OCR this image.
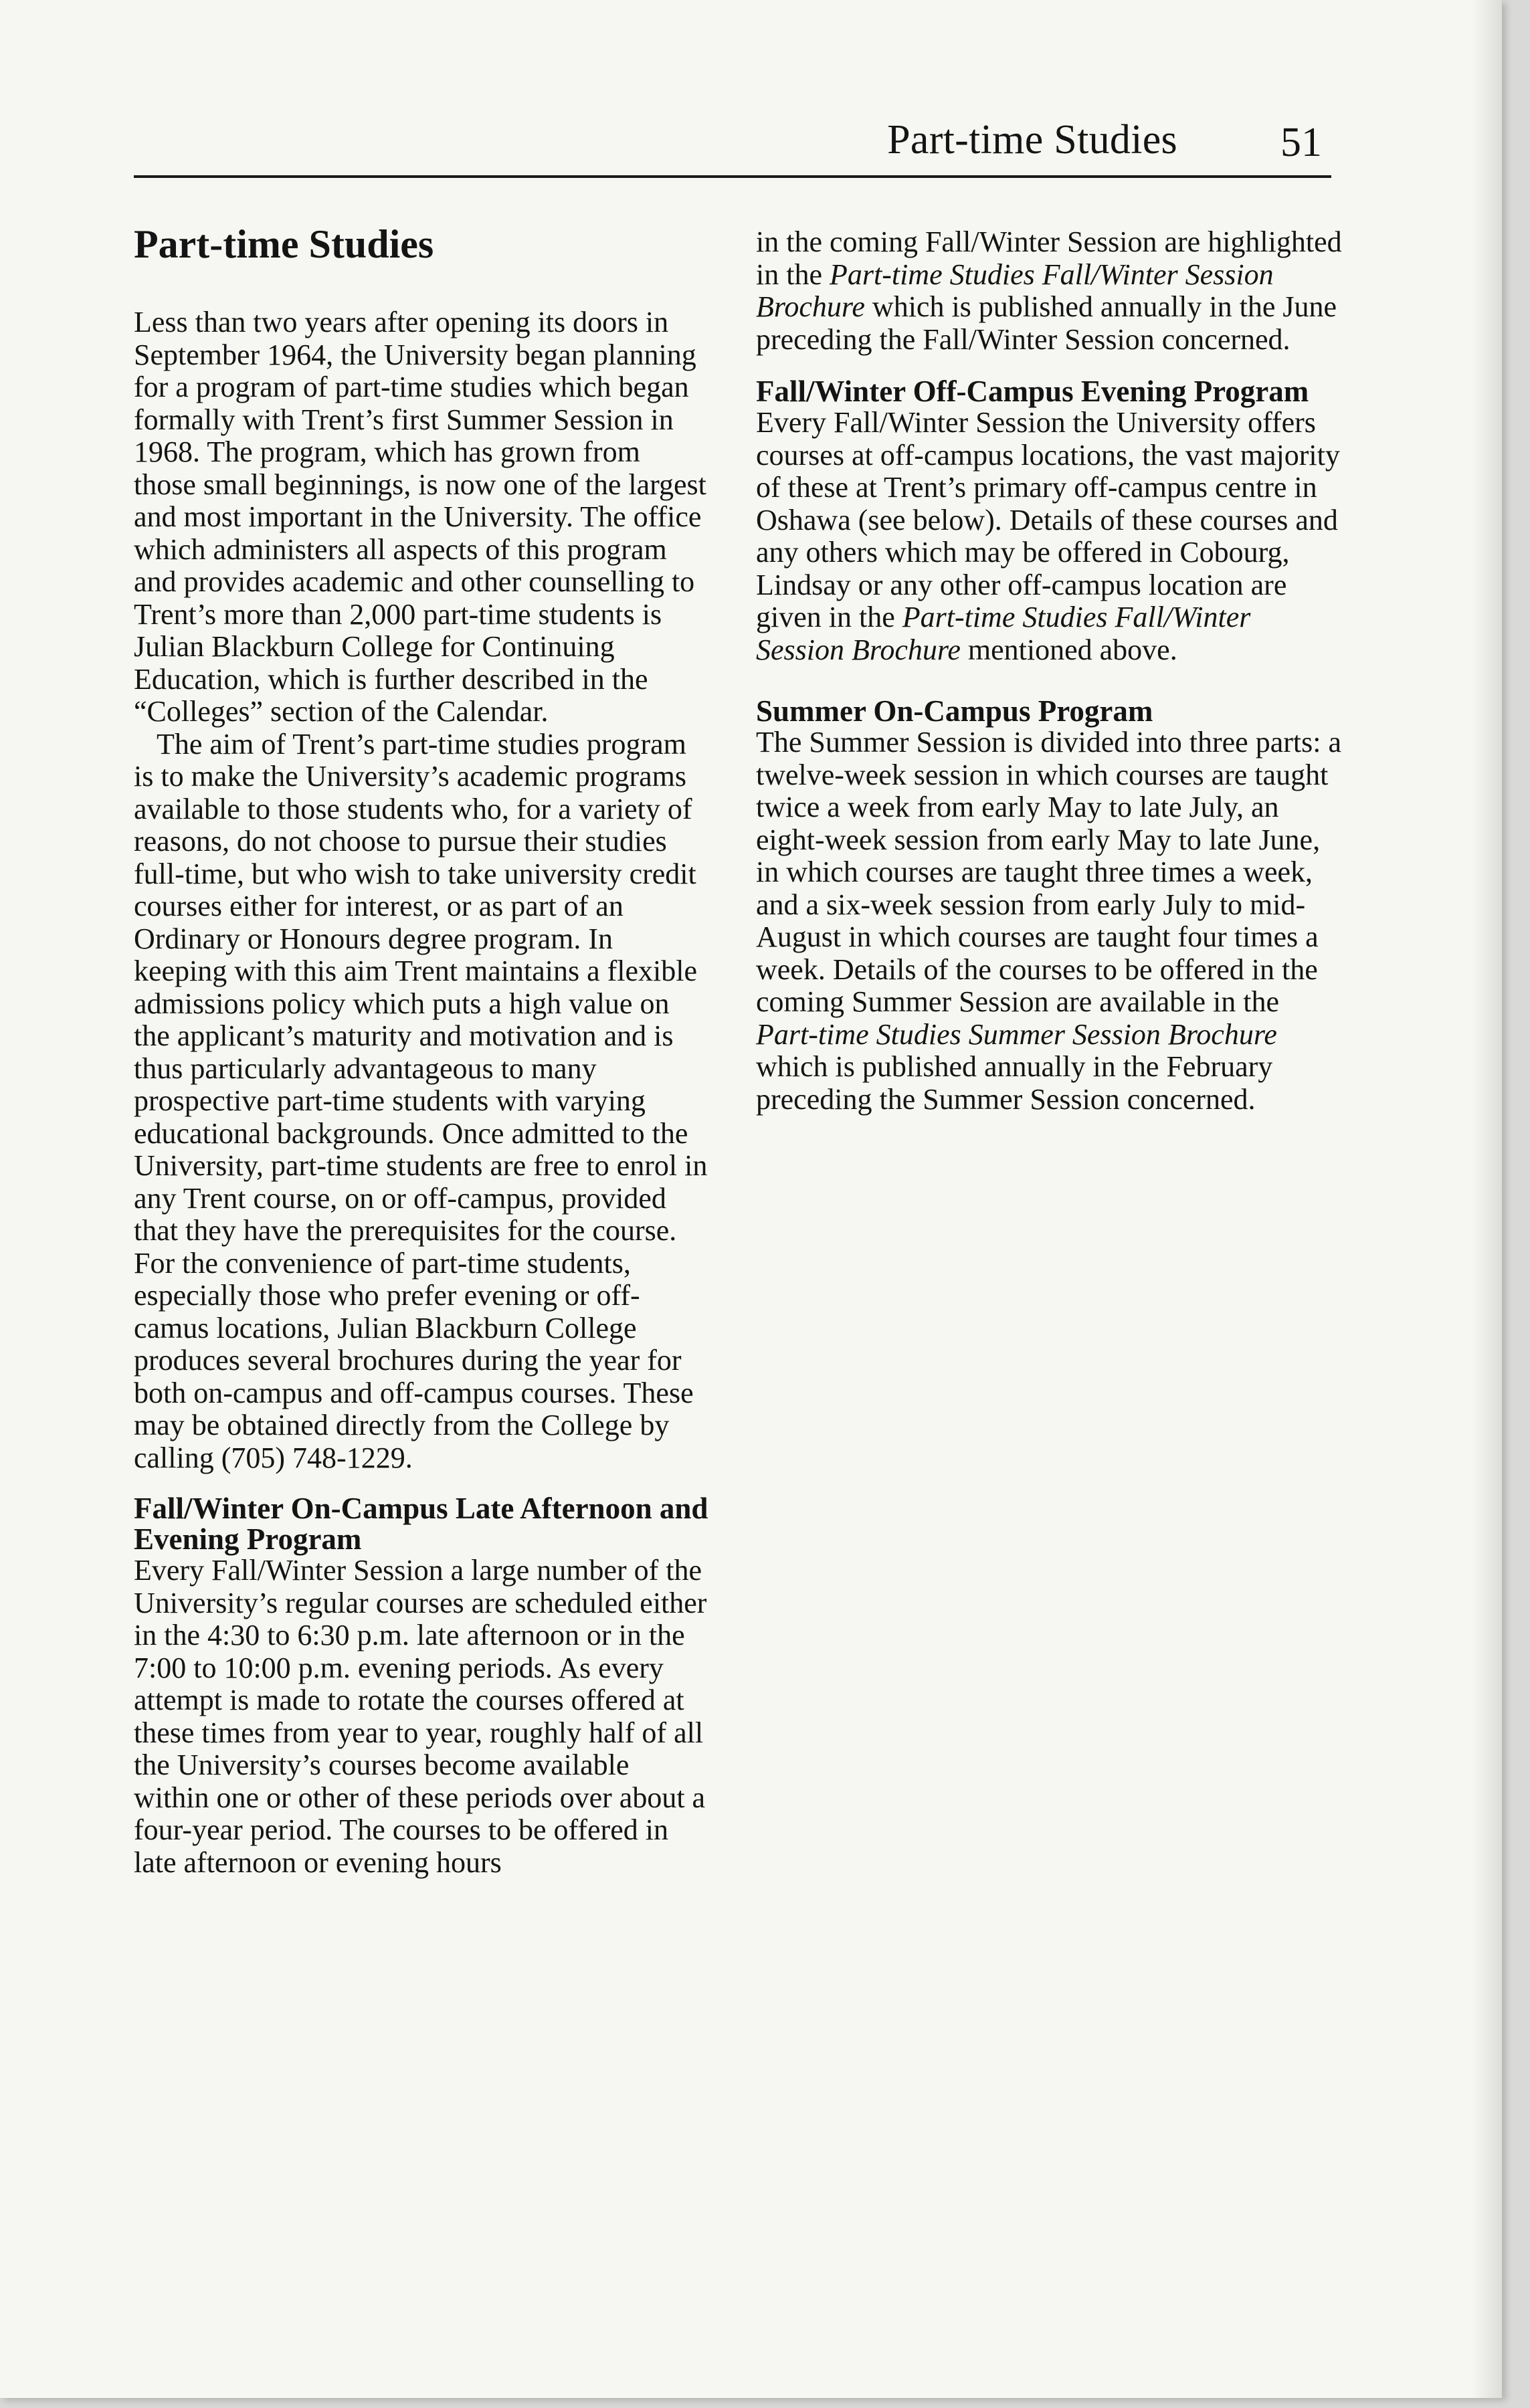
Part-time Studies 51
Part-time Studies

Less than two years after opening its doors in September 1964, the University began planning for a program of part-time studies which began formally with Trent’s first Summer Session in 1968. The program, which has grown from those small beginnings, is now one of the largest and most important in the University. The office which administers all aspects of this program and provides academic and other counselling to Trent’s more than 2,000 part-time students is Julian Blackburn College for Continuing Education, which is further described in the “Colleges” section of the Calendar.

The aim of Trent’s part-time studies program is to make the University’s academic programs available to those students who, for a variety of reasons, do not choose to pursue their studies full-time, but who wish to take university credit courses either for interest, or as part of an Ordinary or Honours degree program. In keeping with this aim Trent maintains a flexible admissions policy which puts a high value on the applicant’s maturity and motivation and is thus particularly advantageous to many prospective part-time students with varying educational backgrounds. Once admitted to the University, part-time students are free to enrol in any Trent course, on or off-campus, provided that they have the prerequisites for the course. For the convenience of part-time students, especially those who prefer evening or off-camus locations, Julian Blackburn College produces several brochures during the year for both on-campus and off-campus courses. These may be obtained directly from the College by calling (705) 748-1229.

Fall/Winter On-Campus Late Afternoon and Evening Program

Every Fall/Winter Session a large number of the University’s regular courses are scheduled either in the 4:30 to 6:30 p.m. late afternoon or in the 7:00 to 10:00 p.m. evening periods. As every attempt is made to rotate the courses offered at these times from year to year, roughly half of all the University’s courses become available within one or other of these periods over about a four-year period. The courses to be offered in late afternoon or evening hours

in the coming Fall/Winter Session are highlighted in the Part-time Studies Fall/Winter Session Brochure which is published annually in the June preceding the Fall/Winter Session concerned.

Fall/Winter Off-Campus Evening Program

Every Fall/Winter Session the University offers courses at off-campus locations, the vast majority of these at Trent’s primary off-campus centre in Oshawa (see below). Details of these courses and any others which may be offered in Cobourg, Lindsay or any other off-campus location are given in the Part-time Studies Fall/Winter Session Brochure mentioned above.

Summer On-Campus Program

The Summer Session is divided into three parts: a twelve-week session in which courses are taught twice a week from early May to late July, an eight-week session from early May to late June, in which courses are taught three times a week, and a six-week session from early July to mid-August in which courses are taught four times a week. Details of the courses to be offered in the coming Summer Session are available in the Part-time Studies Summer Session Brochure which is published annually in the February preceding the Summer Session concerned.
